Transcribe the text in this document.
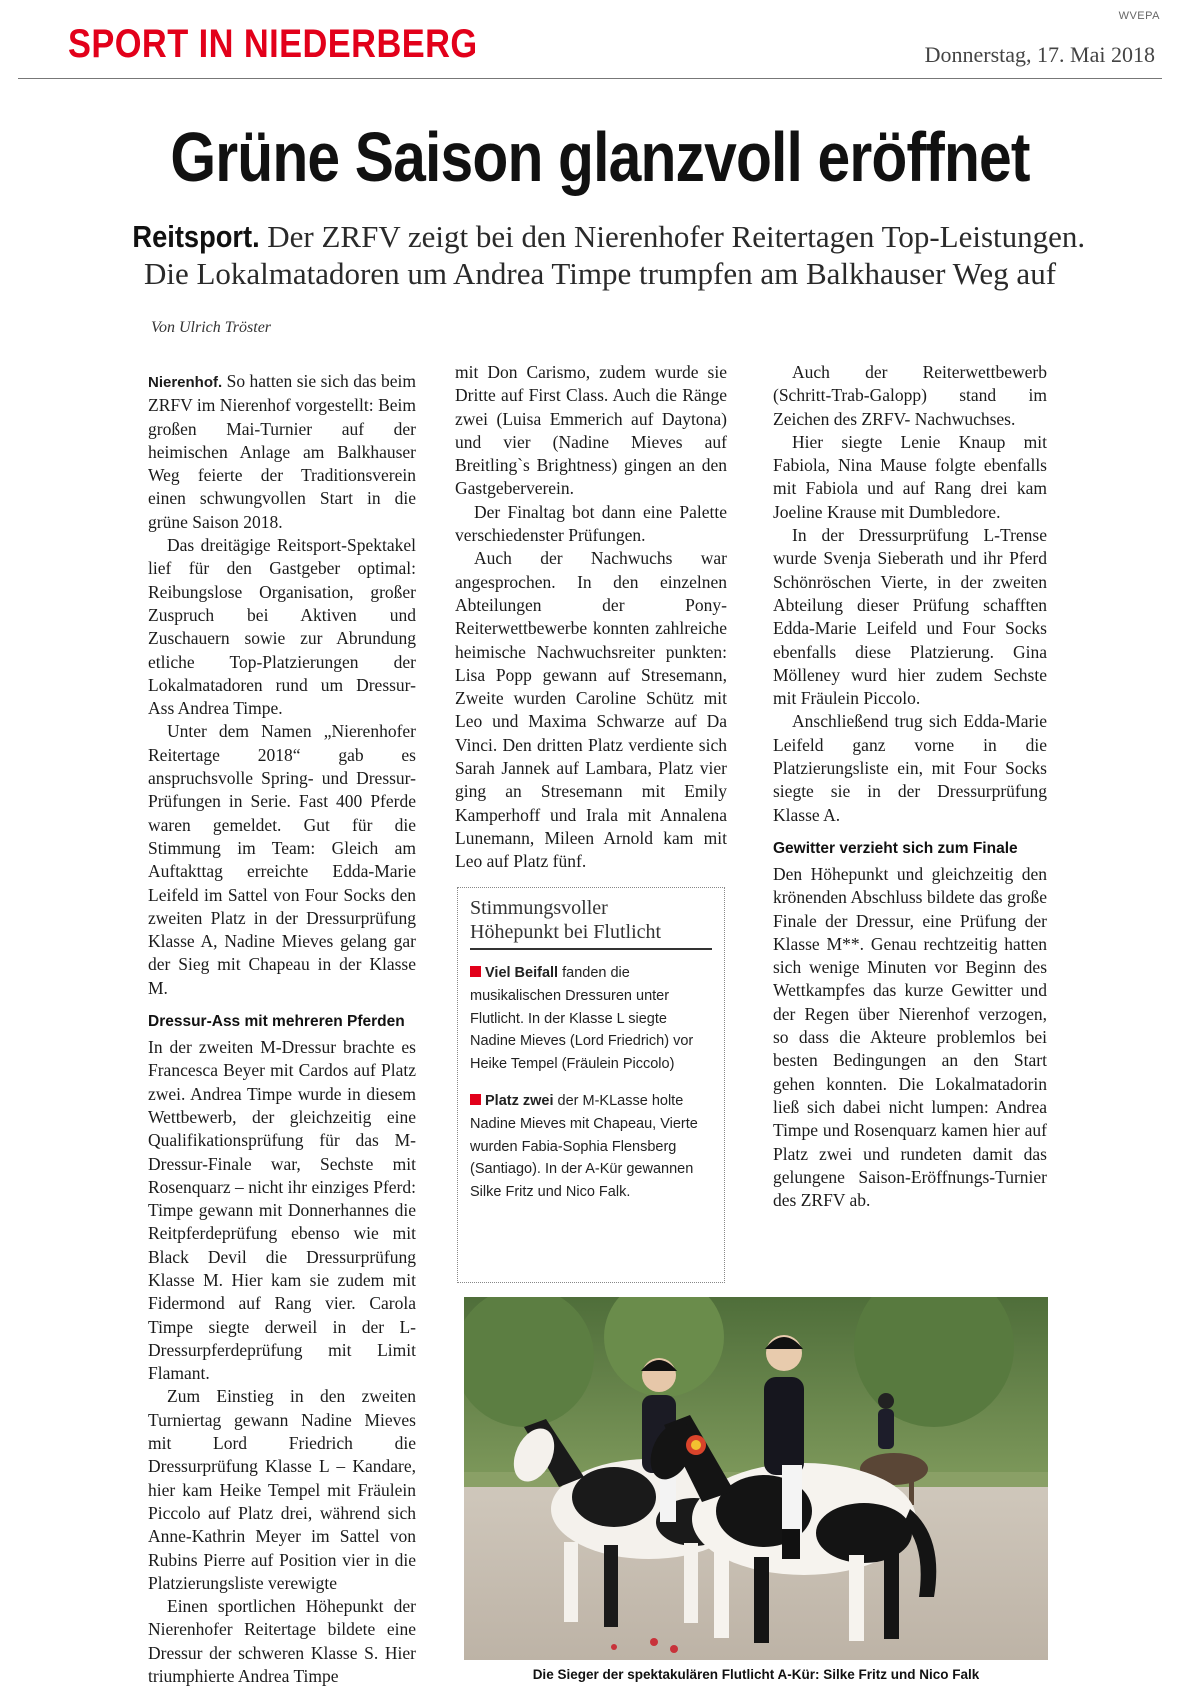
WVEPA
SPORT IN NIEDERBERG	Donnerstag, 17. Mai 2018
Grüne Saison glanzvoll eröffnet
Reitsport. Der ZRFV zeigt bei den Nierenhofer Reitertagen Top-Leistungen.
Die Lokalmatadoren um Andrea Timpe trumpfen am Balkhauser Weg auf
Von Ulrich Tröster

Nierenhof. So hatten sie sich das beim ZRFV im Nierenhof vorgestellt: Beim großen Mai-Turnier auf der heimischen Anlage am Balkhauser Weg feierte der Traditionsverein einen schwungvollen Start in die grüne Saison 2018.

Das dreitägige Reitsport-Spektakel lief für den Gastgeber optimal: Reibungslose Organisation, großer Zuspruch bei Aktiven und Zuschauern sowie zur Abrundung etliche Top-Platzierungen der Lokalmatadoren rund um Dressur-Ass Andrea Timpe.

Unter dem Namen „Nierenhofer Reitertage 2018“ gab es anspruchsvolle Spring- und Dressur-Prüfungen in Serie. Fast 400 Pferde waren gemeldet. Gut für die Stimmung im Team: Gleich am Auftakttag erreichte Edda-Marie Leifeld im Sattel von Four Socks den zweiten Platz in der Dressurprüfung Klasse A, Nadine Mieves gelang gar der Sieg mit Chapeau in der Klasse M.

Dressur-Ass mit mehreren Pferden

In der zweiten M-Dressur brachte es Francesca Beyer mit Cardos auf Platz zwei. Andrea Timpe wurde in diesem Wettbewerb, der gleichzeitig eine Qualifikationsprüfung für das M-Dressur-Finale war, Sechste mit Rosenquarz – nicht ihr einziges Pferd: Timpe gewann mit Donnerhannes die Reitpferdeprüfung ebenso wie mit Black Devil die Dressurprüfung Klasse M. Hier kam sie zudem mit Fidermond auf Rang vier. Carola Timpe siegte derweil in der L-Dressurpferdeprüfung mit Limit Flamant.

Zum Einstieg in den zweiten Turniertag gewann Nadine Mieves mit Lord Friedrich die Dressurprüfung Klasse L – Kandare, hier kam Heike Tempel mit Fräulein Piccolo auf Platz drei, während sich Anne-Kathrin Meyer im Sattel von Rubins Pierre auf Position vier in die Platzierungsliste verewigte

Einen sportlichen Höhepunkt der Nierenhofer Reitertage bildete eine Dressur der schweren Klasse S. Hier triumphierte Andrea Timpe

mit Don Carismo, zudem wurde sie Dritte auf First Class. Auch die Ränge zwei (Luisa Emmerich auf Daytona) und vier (Nadine Mieves auf Breitling`s Brightness) gingen an den Gastgeberverein.

Der Finaltag bot dann eine Palette verschiedenster Prüfungen.

Auch der Nachwuchs war angesprochen. In den einzelnen Abteilungen der Pony-Reiterwettbewerbe konnten zahlreiche heimische Nachwuchsreiter punkten: Lisa Popp gewann auf Stresemann, Zweite wurden Caroline Schütz mit Leo und Maxima Schwarze auf Da Vinci. Den dritten Platz verdiente sich Sarah Jannek auf Lambara, Platz vier ging an Stresemann mit Emily Kamperhoff und Irala mit Annalena Lunemann, Mileen Arnold kam mit Leo auf Platz fünf.

Stimmungsvoller
Höhepunkt bei Flutlicht

Viel Beifall fanden die musikalischen Dressuren unter Flutlicht. In der Klasse L siegte Nadine Mieves (Lord Friedrich) vor Heike Tempel (Fräulein Piccolo)

Platz zwei der M-KLasse holte Nadine Mieves mit Chapeau, Vierte wurden Fabia-Sophia Flensberg (Santiago). In der A-Kür gewannen Silke Fritz und Nico Falk.

Auch der Reiterwettbewerb (Schritt-Trab-Galopp) stand im Zeichen des ZRFV- Nachwuchses.

Hier siegte Lenie Knaup mit Fabiola, Nina Mause folgte ebenfalls mit Fabiola und auf Rang drei kam Joeline Krause mit Dumbledore.

In der Dressurprüfung L-Trense wurde Svenja Sieberath und ihr Pferd Schönröschen Vierte, in der zweiten Abteilung dieser Prüfung schafften Edda-Marie Leifeld und Four Socks ebenfalls diese Platzierung. Gina Mölleney wurd hier zudem Sechste mit Fräulein Piccolo.

Anschließend trug sich Edda-Marie Leifeld ganz vorne in die Platzierungsliste ein, mit Four Socks siegte sie in der Dressurprüfung Klasse A.

Gewitter verzieht sich zum Finale

Den Höhepunkt und gleichzeitig den krönenden Abschluss bildete das große Finale der Dressur, eine Prüfung der Klasse M**. Genau rechtzeitig hatten sich wenige Minuten vor Beginn des Wettkampfes das kurze Gewitter und der Regen über Nierenhof verzogen, so dass die Akteure problemlos bei besten Bedingungen an den Start gehen konnten. Die Lokalmatadorin ließ sich dabei nicht lumpen: Andrea Timpe und Rosenquarz kamen hier auf Platz zwei und rundeten damit das gelungene Saison-Eröffnungs-Turnier des ZRFV ab.

Die Sieger der spektakulären Flutlicht A-Kür: Silke Fritz und Nico Falk
